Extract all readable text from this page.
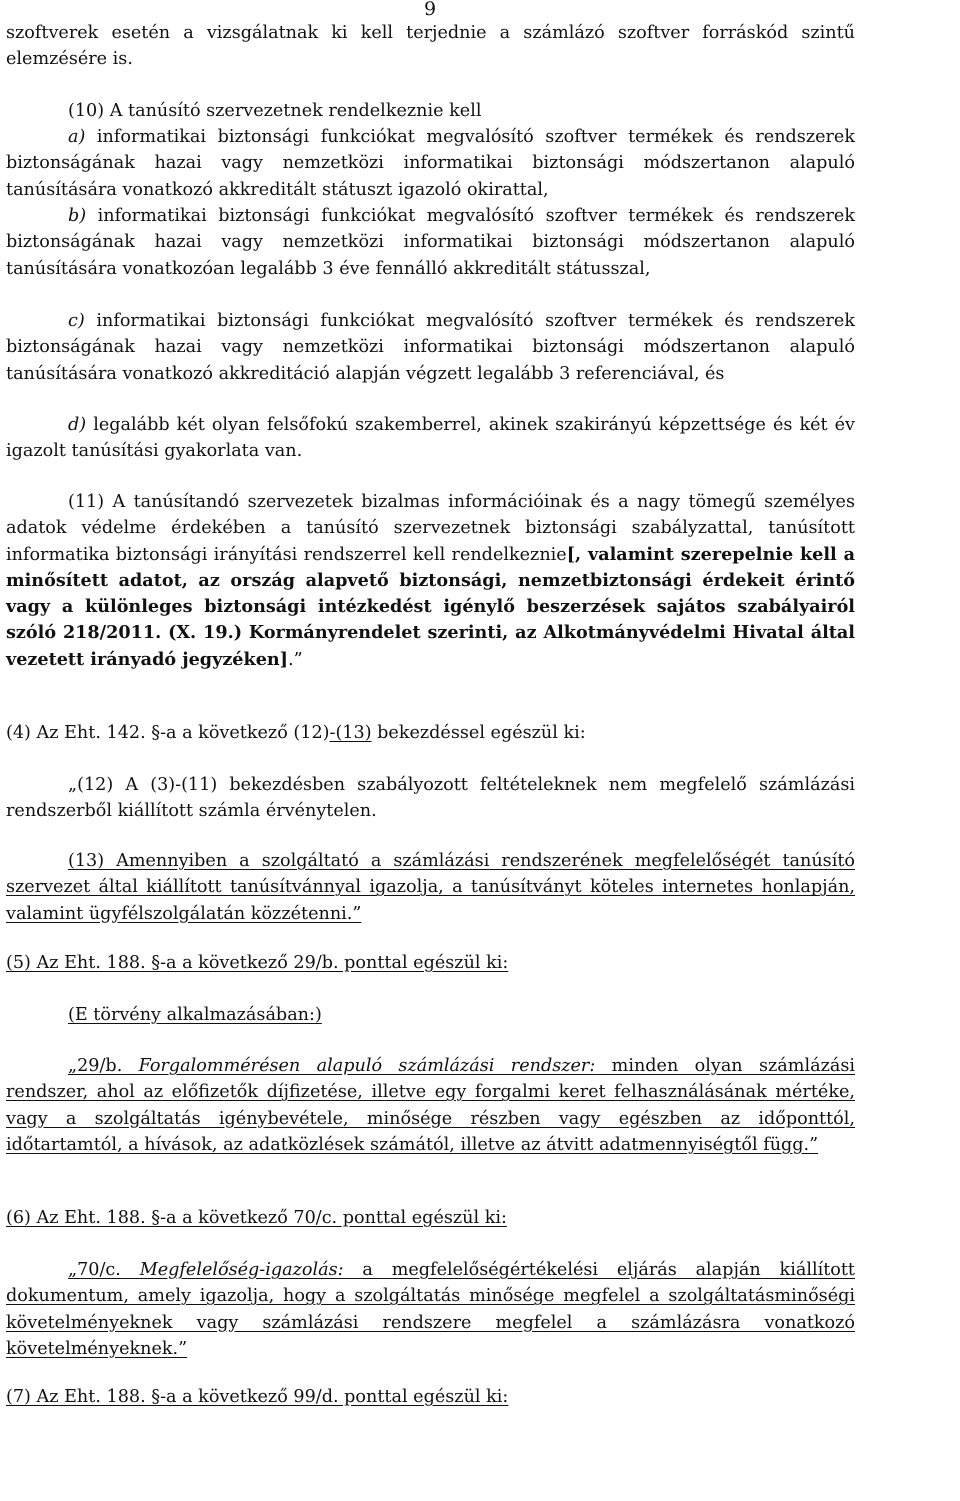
9

szoftverek esetén a vizsgálatnak ki kell terjednie a számlázó szoftver forráskód szintű elemzésére is.

(10) A tanúsító szervezetnek rendelkeznie kell

a) informatikai biztonsági funkciókat megvalósító szoftver termékek és rendszerek biztonságának hazai vagy nemzetközi informatikai biztonsági módszertanon alapuló tanúsítására vonatkozó akkreditált státuszt igazoló okirattal,

b) informatikai biztonsági funkciókat megvalósító szoftver termékek és rendszerek biztonságának hazai vagy nemzetközi informatikai biztonsági módszertanon alapuló tanúsítására vonatkozóan legalább 3 éve fennálló akkreditált státusszal,

c) informatikai biztonsági funkciókat megvalósító szoftver termékek és rendszerek biztonságának hazai vagy nemzetközi informatikai biztonsági módszertanon alapuló tanúsítására vonatkozó akkreditáció alapján végzett legalább 3 referenciával, és

d) legalább két olyan felsőfokú szakemberrel, akinek szakirányú képzettsége és két év igazolt tanúsítási gyakorlata van.

(11) A tanúsítandó szervezetek bizalmas információinak és a nagy tömegű személyes adatok védelme érdekében a tanúsító szervezetnek biztonsági szabályzattal, tanúsított informatika biztonsági irányítási rendszerrel kell rendelkeznie[, valamint szerepelnie kell a minősített adatot, az ország alapvető biztonsági, nemzetbiztonsági érdekeit érintő vagy a különleges biztonsági intézkedést igénylő beszerzések sajátos szabályairól szóló 218/2011. (X. 19.) Kormányrendelet szerinti, az Alkotmányvédelmi Hivatal által vezetett irányadó jegyzéken].”

(4) Az Eht. 142. §-a a következő (12)-(13) bekezdéssel egészül ki:

„(12) A (3)-(11) bekezdésben szabályozott feltételeknek nem megfelelő számlázási rendszerből kiállított számla érvénytelen.

(13) Amennyiben a szolgáltató a számlázási rendszerének megfelelőségét tanúsító szervezet által kiállított tanúsítvánnyal igazolja, a tanúsítványt köteles internetes honlapján, valamint ügyfélszolgálatán közzétenni.”

(5) Az Eht. 188. §-a a következő 29/b. ponttal egészül ki:

(E törvény alkalmazásában:)

„29/b. Forgalommérésen alapuló számlázási rendszer: minden olyan számlázási rendszer, ahol az előfizetők díjfizetése, illetve egy forgalmi keret felhasználásának mértéke, vagy a szolgáltatás igénybevétele, minősége részben vagy egészben az időponttól, időtartamtól, a hívások, az adatközlések számától, illetve az átvitt adatmennyiségtől függ.”

(6) Az Eht. 188. §-a a következő 70/c. ponttal egészül ki:

„70/c. Megfelelőség-igazolás: a megfelelőségértékelési eljárás alapján kiállított dokumentum, amely igazolja, hogy a szolgáltatás minősége megfelel a szolgáltatásminőségi követelményeknek vagy számlázási rendszere megfelel a számlázásra vonatkozó követelményeknek.”

(7) Az Eht. 188. §-a a következő 99/d. ponttal egészül ki:
